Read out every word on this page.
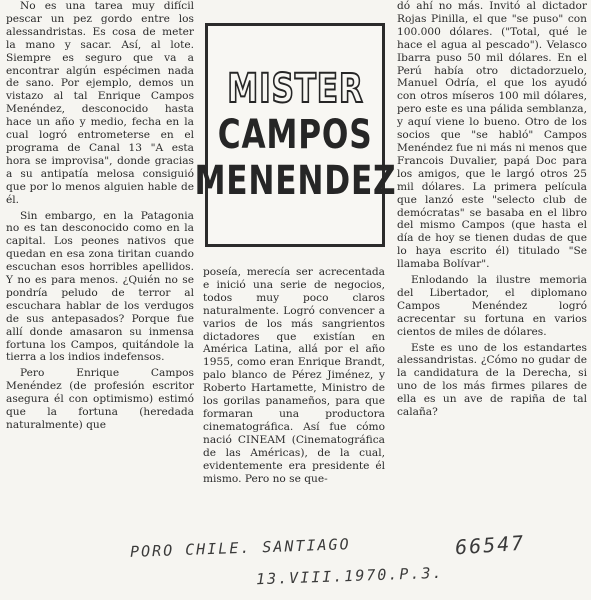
No es una tarea muy difícil pescar un pez gordo entre los alessandristas. Es cosa de meter la mano y sacar. Así, al lote. Siempre es seguro que va a encontrar algún espécimen nada de sano. Por ejemplo, demos un vistazo al tal Enrique Campos Menéndez, desconocido hasta hace un año y medio, fecha en la cual logró entrometerse en el programa de Canal 13 "A esta hora se improvisa", donde gracias a su antipatía melosa consiguió que por lo menos alguien hable de él.

Sin embargo, en la Patagonia no es tan desconocido como en la capital. Los peones nativos que quedan en esa zona tiritan cuando escuchan esos horribles apellidos. Y no es para menos. ¿Quién no se pondría peludo de terror al escuchara hablar de los verdugos de sus antepasados? Porque fue allí donde amasaron su inmensa fortuna los Campos, quitándole la tierra a los indios indefensos.

Pero Enrique Campos Menéndez (de profesión escritor asegura él con optimismo) estimó que la fortuna (heredada naturalmente) que

MISTER
CAMPOS
MENENDEZ

poseía, merecía ser acrecentada e inició una serie de negocios, todos muy poco claros naturalmente. Logró convencer a varios de los más sangrientos dictadores que existían en América Latina, allá por el año 1955, como eran Enrique Brandt, palo blanco de Pérez Jiménez, y Roberto Hartamette, Ministro de los gorilas panameños, para que formaran una productora cinematográfica. Así fue cómo nació CINEAM (Cinematográfica de las Américas), de la cual, evidentemente era presidente él mismo. Pero no se que-

dó ahí no más. Invitó al dictador Rojas Pinilla, el que "se puso" con 100.000 dólares. ("Total, qué le hace el agua al pescado"). Velasco Ibarra puso 50 mil dólares. En el Perú había otro dictadorzuelo, Manuel Odría, el que los ayudó con otros míseros 100 mil dólares, pero este es una pálida semblanza, y aquí viene lo bueno. Otro de los socios que "se habló" Campos Menéndez fue ni más ni menos que Francois Duvalier, papá Doc para los amigos, que le largó otros 25 mil dólares. La primera película que lanzó este "selecto club de demócratas" se basaba en el libro del mismo Campos (que hasta el día de hoy se tienen dudas de que lo haya escrito él) titulado "Se llamaba Bolívar".

Enlodando la ilustre memoria del Libertador, el diplomano Campos Menéndez logró acrecentar su fortuna en varios cientos de miles de dólares.

Este es uno de los estandartes alessandristas. ¿Cómo no gudar de la candidatura de la Derecha, si uno de los más firmes pilares de ella es un ave de rapiña de tal calaña?

PORO CHILE. SANTIAGO	66547
13.VIII.1970.P.3.
